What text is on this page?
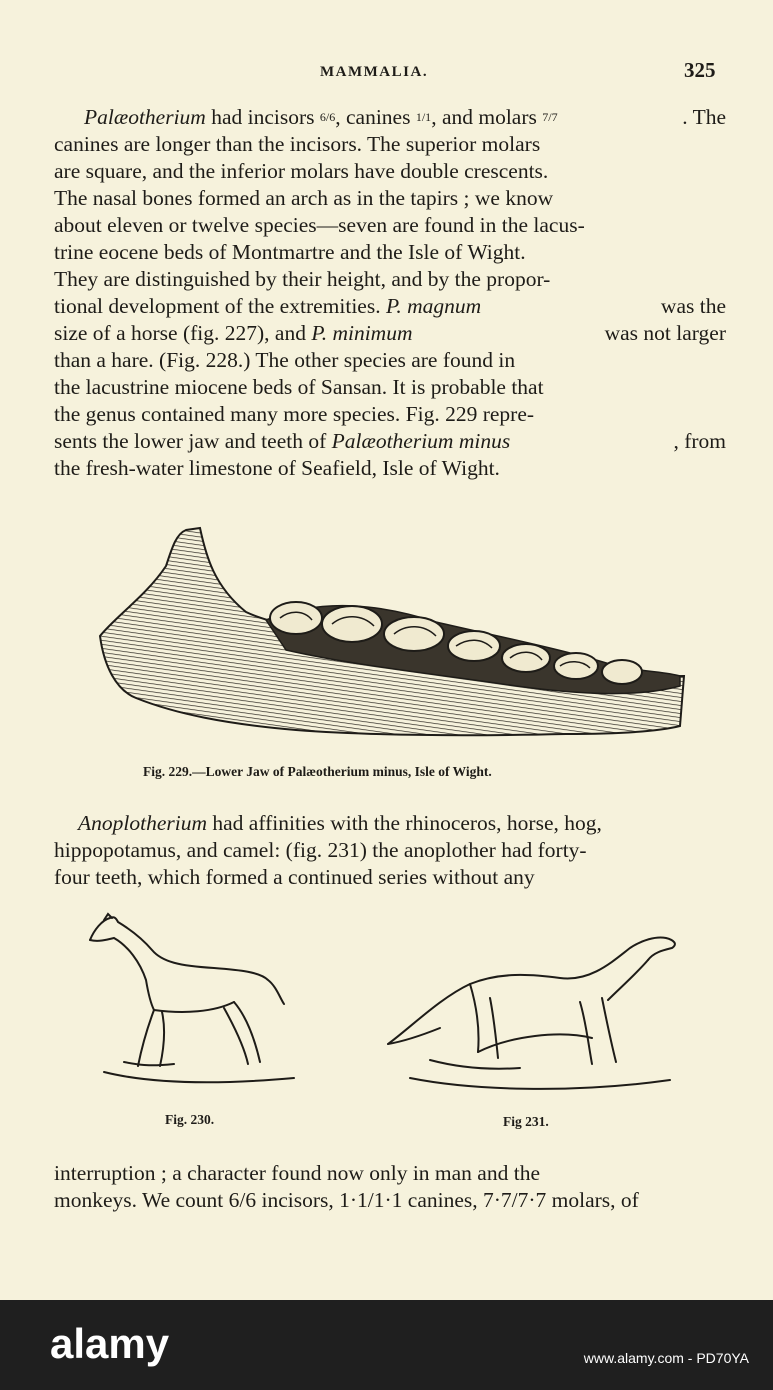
MAMMALIA.	325
Palæotherium had incisors 6/6, canines 1/1, and molars 7/7	. The
canines are longer than the incisors. The superior molars
are square, and the inferior molars have double crescents.
The nasal bones formed an arch as in the tapirs ; we know
about eleven or twelve species—seven are found in the lacus-
trine eocene beds of Montmartre and the Isle of Wight.
They are distinguished by their height, and by the propor-
tional development of the extremities. P. magnum	was the
size of a horse (fig. 227), and P. minimum	was not larger
than a hare. (Fig. 228.) The other species are found in
the lacustrine miocene beds of Sansan. It is probable that
the genus contained many more species. Fig. 229 repre-
sents the lower jaw and teeth of Palæotherium minus	, from
the fresh-water limestone of Seafield, Isle of Wight.
Fig. 229.—Lower Jaw of Palæotherium minus, Isle of Wight.
Anoplotherium had affinities with the rhinoceros, horse, hog,
hippopotamus, and camel: (fig. 231) the anoplother had forty-
four teeth, which formed a continued series without any
Fig. 230.	Fig 231.
interruption ; a character found now only in man and the
monkeys. We count 6/6 incisors, 1·1/1·1 canines, 7·7/7·7 molars, of
alamy	www.alamy.com - PD70YA
